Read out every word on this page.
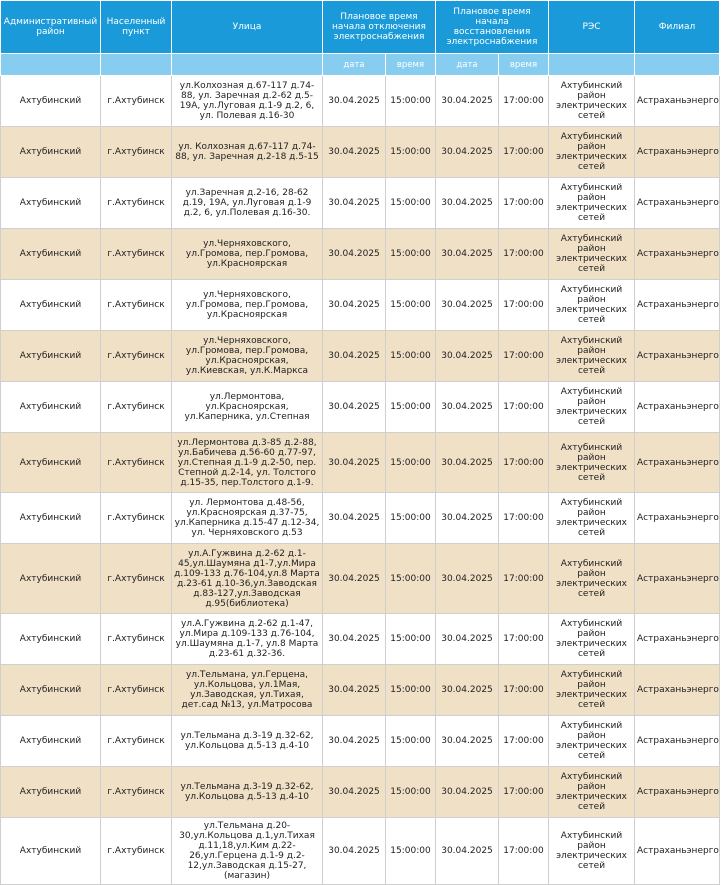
Административный район	Населенный пункт	Улица	Плановое время начала отключения электроснабжения		Плановое время начала восстановления электроснабжения		РЭС	Филиал
			дата	время	дата	время		
Ахтубинский	г.Ахтубинск	ул.Колхозная д.67-117 д.74-88, ул. Заречная д.2-62 д.5-19А, ул.Луговая д.1-9 д.2, 6, ул. Полевая д.16-30	30.04.2025	15:00:00	30.04.2025	17:00:00	Ахтубинский район электрических сетей	Астраханьэнерго
Ахтубинский	г.Ахтубинск	ул. Колхозная д.67-117 д.74-88, ул. Заречная д.2-18 д.5-15	30.04.2025	15:00:00	30.04.2025	17:00:00	Ахтубинский район электрических сетей	Астраханьэнерго
Ахтубинский	г.Ахтубинск	ул.Заречная д.2-16, 28-62 д.19, 19А, ул.Луговая д.1-9 д.2, 6, ул.Полевая д.16-30.	30.04.2025	15:00:00	30.04.2025	17:00:00	Ахтубинский район электрических сетей	Астраханьэнерго
Ахтубинский	г.Ахтубинск	ул.Черняховского, ул.Громова, пер.Громова, ул.Красноярская	30.04.2025	15:00:00	30.04.2025	17:00:00	Ахтубинский район электрических сетей	Астраханьэнерго
Ахтубинский	г.Ахтубинск	ул.Черняховского, ул.Громова, пер.Громова, ул.Красноярская	30.04.2025	15:00:00	30.04.2025	17:00:00	Ахтубинский район электрических сетей	Астраханьэнерго
Ахтубинский	г.Ахтубинск	ул.Черняховского, ул.Громова, пер.Громова, ул.Красноярская, ул.Киевская, ул.К.Маркса	30.04.2025	15:00:00	30.04.2025	17:00:00	Ахтубинский район электрических сетей	Астраханьэнерго
Ахтубинский	г.Ахтубинск	ул.Лермонтова, ул.Красноярская, ул.Каперника, ул.Степная	30.04.2025	15:00:00	30.04.2025	17:00:00	Ахтубинский район электрических сетей	Астраханьэнерго
Ахтубинский	г.Ахтубинск	ул.Лермонтова д.3-85 д.2-88, ул.Бабичева д.56-60 д.77-97, ул.Степная д.1-9 д.2-50, пер. Степной д.2-14, ул. Толстого д.15-35, пер.Толстого д.1-9.	30.04.2025	15:00:00	30.04.2025	17:00:00	Ахтубинский район электрических сетей	Астраханьэнерго
Ахтубинский	г.Ахтубинск	ул. Лермонтова д.48-56, ул.Красноярская д.37-75, ул.Каперника д.15-47 д.12-34, ул. Черняховского д.53	30.04.2025	15:00:00	30.04.2025	17:00:00	Ахтубинский район электрических сетей	Астраханьэнерго
Ахтубинский	г.Ахтубинск	ул.А.Гужвина д.2-62 д.1-45,ул.Шаумяна д1-7,ул.Мира д.109-133 д.76-104,ул.8 Марта д.23-61 д.10-36,ул.Заводская д.83-127,ул.Заводская д.95(библиотека)	30.04.2025	15:00:00	30.04.2025	17:00:00	Ахтубинский район электрических сетей	Астраханьэнерго
Ахтубинский	г.Ахтубинск	ул.А.Гужвина д.2-62 д.1-47, ул.Мира д.109-133 д.76-104, ул.Шаумяна д.1-7, ул.8 Марта д.23-61 д.32-36.	30.04.2025	15:00:00	30.04.2025	17:00:00	Ахтубинский район электрических сетей	Астраханьэнерго
Ахтубинский	г.Ахтубинск	ул.Тельмана, ул.Герцена, ул.Кольцова, ул.1Мая, ул.Заводская, ул.Тихая, дет.сад №13, ул.Матросова	30.04.2025	15:00:00	30.04.2025	17:00:00	Ахтубинский район электрических сетей	Астраханьэнерго
Ахтубинский	г.Ахтубинск	ул.Тельмана д.3-19 д.32-62, ул.Кольцова д.5-13 д.4-10	30.04.2025	15:00:00	30.04.2025	17:00:00	Ахтубинский район электрических сетей	Астраханьэнерго
Ахтубинский	г.Ахтубинск	ул.Тельмана д.3-19 д.32-62, ул.Кольцова д.5-13 д.4-10	30.04.2025	15:00:00	30.04.2025	17:00:00	Ахтубинский район электрических сетей	Астраханьэнерго
Ахтубинский	г.Ахтубинск	ул.Тельмана д.20-30,ул.Кольцова д.1,ул.Тихая д.11,18,ул.Ким д.22-26,ул.Герцена д.1-9 д.2-12,ул.Заводская д.15-27,(магазин)	30.04.2025	15:00:00	30.04.2025	17:00:00	Ахтубинский район электрических сетей	Астраханьэнерго
